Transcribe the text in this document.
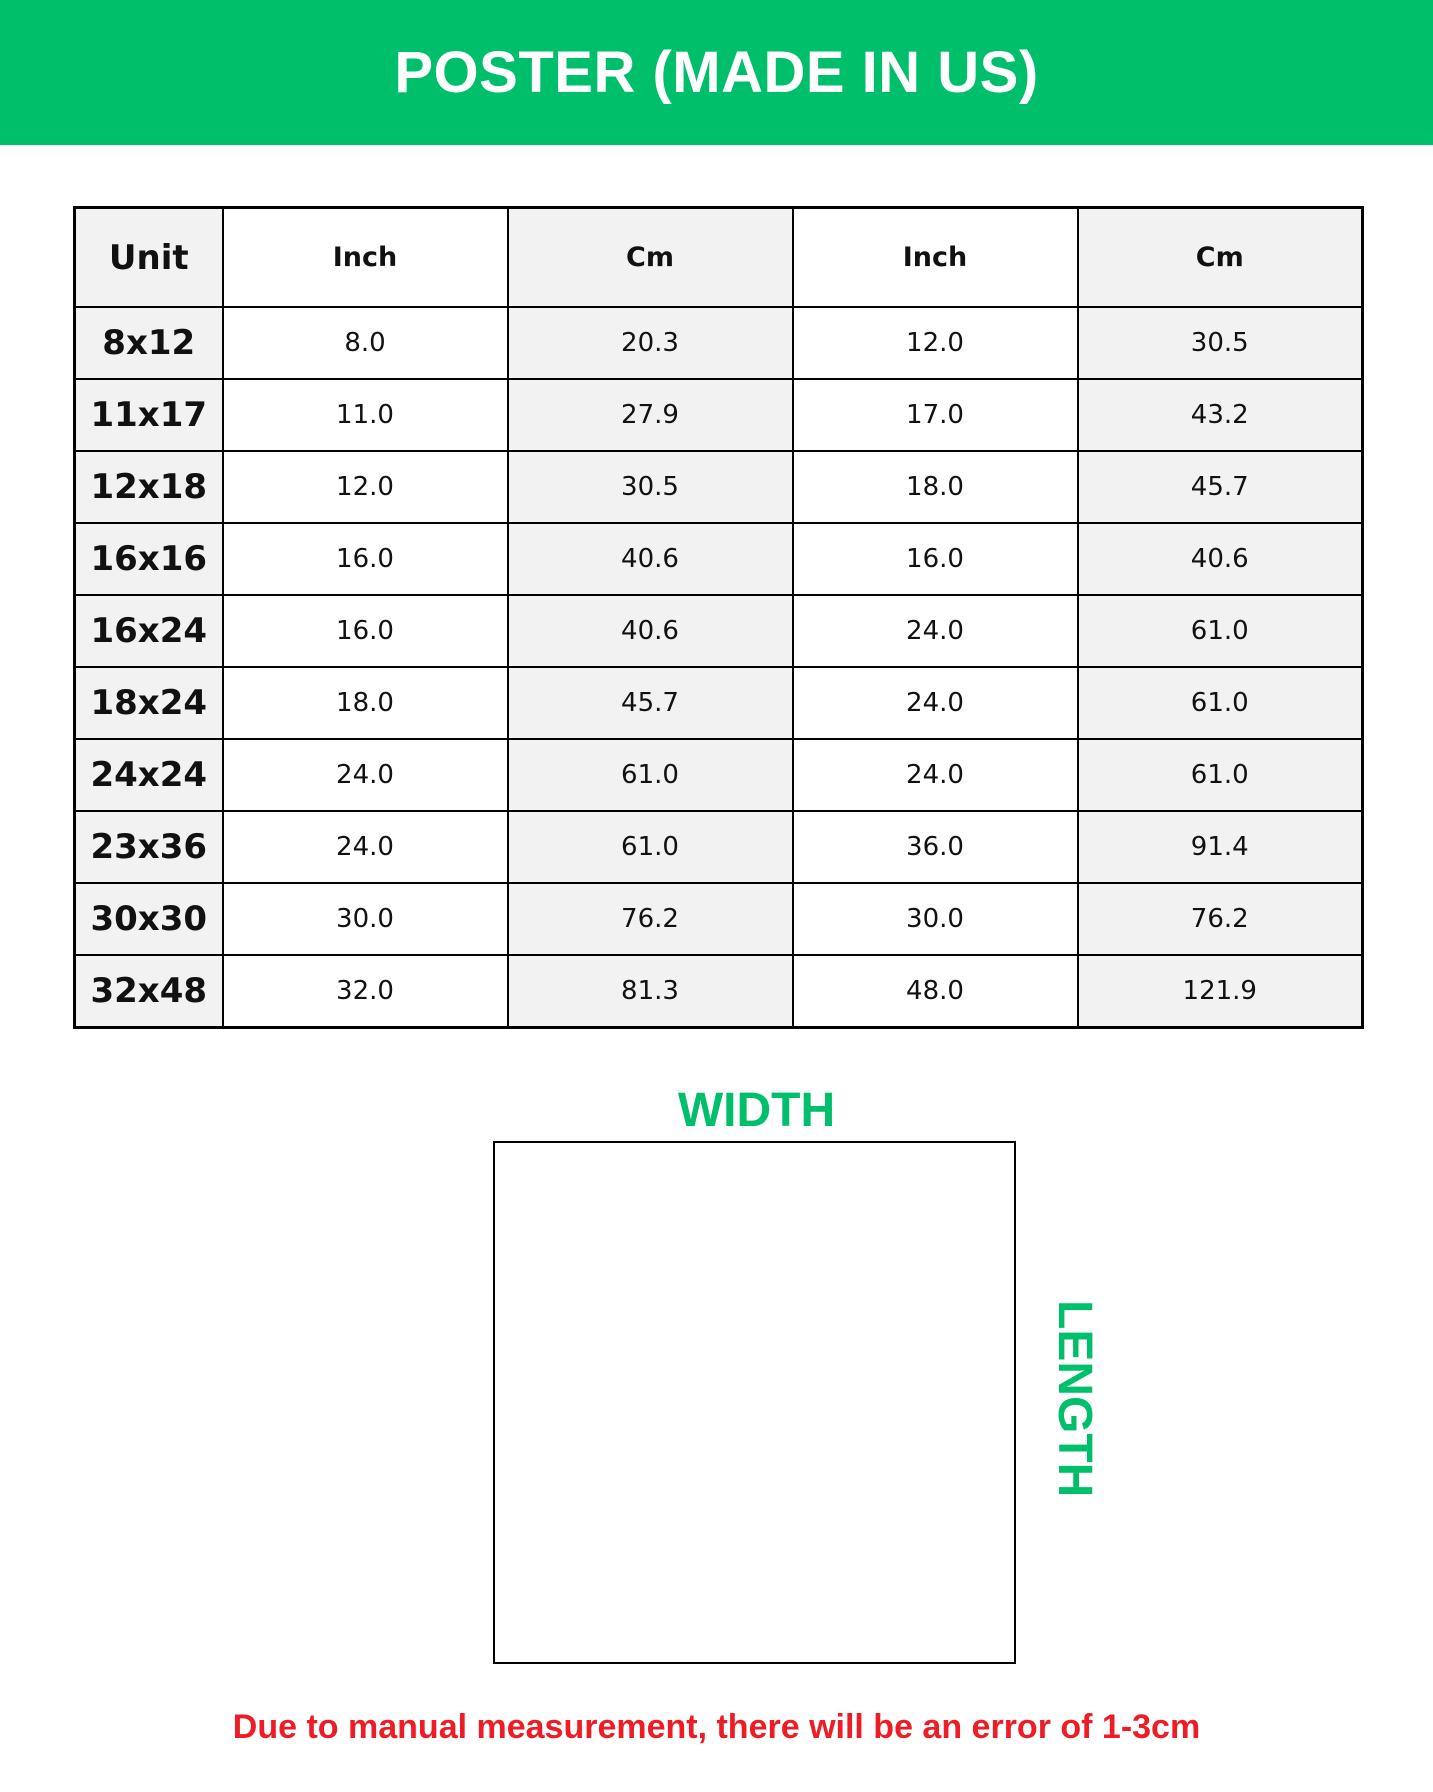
POSTER (MADE IN US)
Unit	Inch	Cm	Inch	Cm
8x12	8.0	20.3	12.0	30.5
11x17	11.0	27.9	17.0	43.2
12x18	12.0	30.5	18.0	45.7
16x16	16.0	40.6	16.0	40.6
16x24	16.0	40.6	24.0	61.0
18x24	18.0	45.7	24.0	61.0
24x24	24.0	61.0	24.0	61.0
23x36	24.0	61.0	36.0	91.4
30x30	30.0	76.2	30.0	76.2
32x48	32.0	81.3	48.0	121.9
WIDTH
LENGTH
Due to manual measurement, there will be an error of 1-3cm
